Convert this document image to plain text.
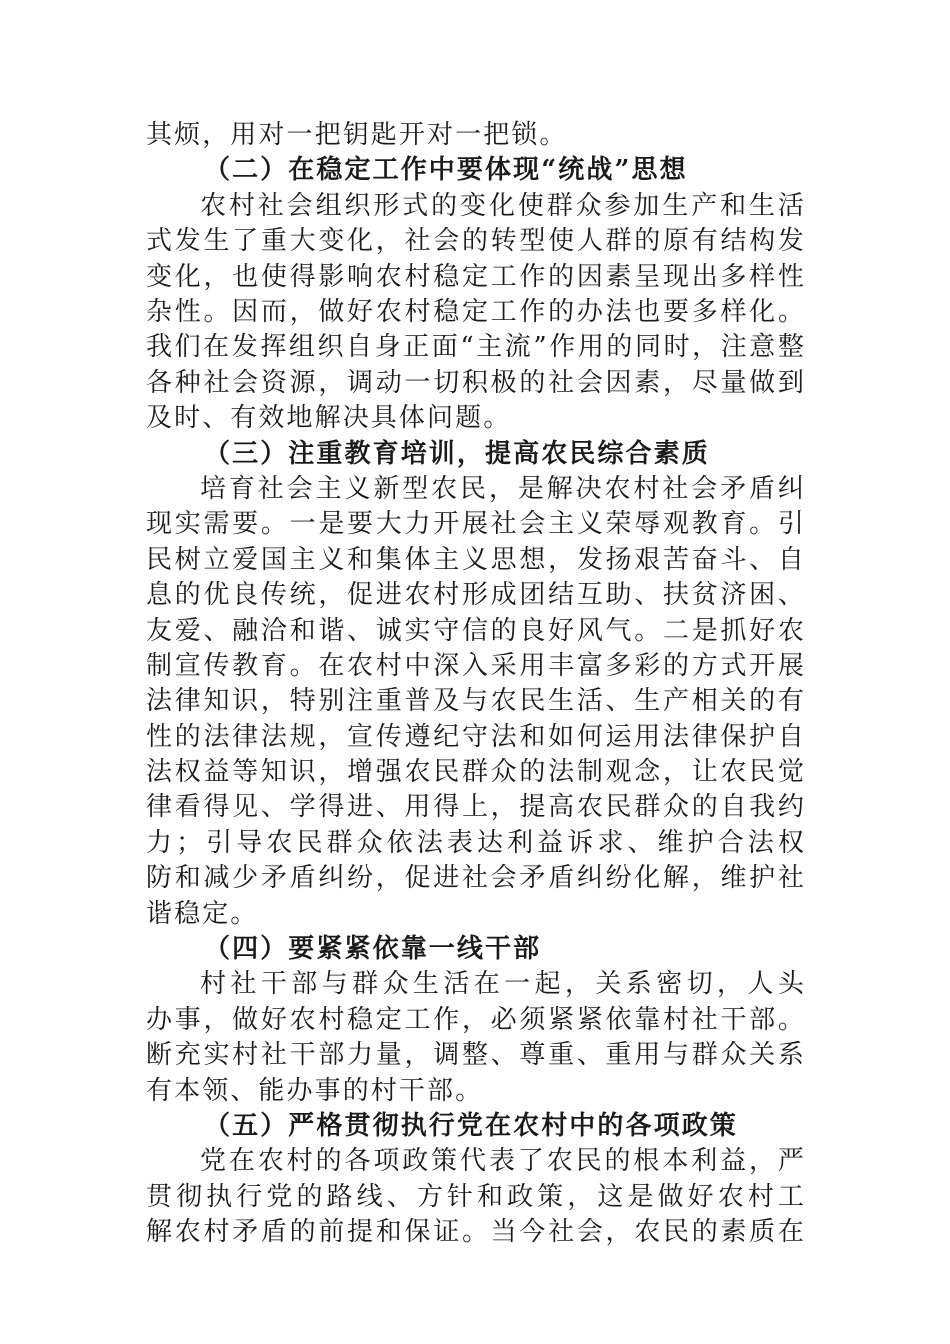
其烦，用对一把钥匙开对一把锁。
（二）在稳定工作中要体现“统战”思想
农村社会组织形式的变化使群众参加生产和生活
式发生了重大变化，社会的转型使人群的原有结构发
变化，也使得影响农村稳定工作的因素呈现出多样性
杂性。因而，做好农村稳定工作的办法也要多样化。
我们在发挥组织自身正面“主流”作用的同时，注意整
各种社会资源，调动一切积极的社会因素，尽量做到
及时、有效地解决具体问题。
（三）注重教育培训，提高农民综合素质
培育社会主义新型农民，是解决农村社会矛盾纠
现实需要。一是要大力开展社会主义荣辱观教育。引
民树立爱国主义和集体主义思想，发扬艰苦奋斗、自
息的优良传统，促进农村形成团结互助、扶贫济困、
友爱、融洽和谐、诚实守信的良好风气。二是抓好农
制宣传教育。在农村中深入采用丰富多彩的方式开展
法律知识，特别注重普及与农民生活、生产相关的有
性的法律法规，宣传遵纪守法和如何运用法律保护自
法权益等知识，增强农民群众的法制观念，让农民觉
律看得见、学得进、用得上，提高农民群众的自我约
力；引导农民群众依法表达利益诉求、维护合法权
防和减少矛盾纠纷，促进社会矛盾纠纷化解，维护社
谐稳定。
（四）要紧紧依靠一线干部
村社干部与群众生活在一起，关系密切，人头
办事，做好农村稳定工作，必须紧紧依靠村社干部。
断充实村社干部力量，调整、尊重、重用与群众关系
有本领、能办事的村干部。
（五）严格贯彻执行党在农村中的各项政策
党在农村的各项政策代表了农民的根本利益，严
贯彻执行党的路线、方针和政策，这是做好农村工
解农村矛盾的前提和保证。当今社会，农民的素质在
